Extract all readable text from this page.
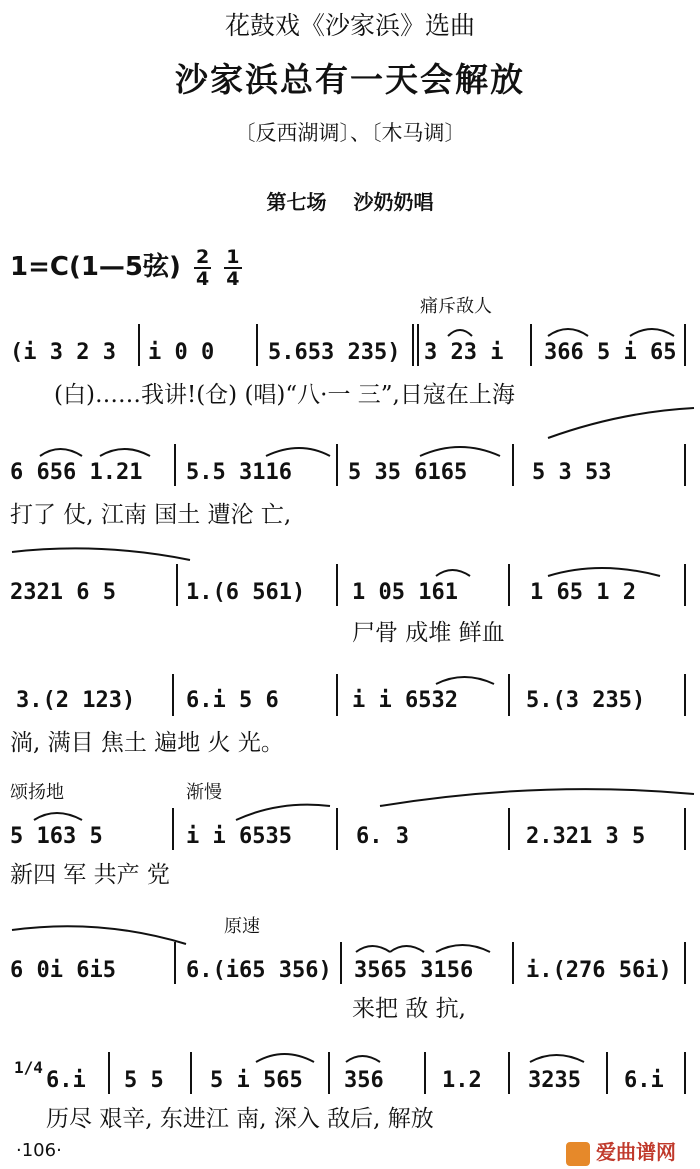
花鼓戏《沙家浜》选曲
沙家浜总有一天会解放
〔反西湖调〕、〔木马调〕
第七场 沙奶奶唱
1=C(1—5弦) $\frac{2}{4}$
$\frac{1}{4}$
痛斥敌人
(i 3 2 3 i 0 0 5.653 235) 3 23 i 366 5 i 65
(白)……我讲!(仓) (唱)“八·一 三”,日寇在上海
6 656 1.21 5.5 3116	5 35 6165	5 3 53
打了 仗, 江南 国土 遭沦 亡,
2321 6 5	1.(6 561) 1 05 161	1 65 1 2
尸骨 成堆 鲜血
3.(2 123) 6.i 5 6	i i 6532	5.(3 235)
淌, 满目 焦土 遍地 火 光。
颂扬地	渐慢
5 163 5	i i 6535	6. 3	2.321 3 5
新四 军 共产 党
原速
6 0i 6i5	6.(i65 356) 3565 3156 i.(276 56i)
来把 敌 抗,
1/4
6.i 5 5 5 i 565 356	1.2 3235 6.i
历尽 艰辛, 东进江 南, 深入 敌后, 解放
·106·	爱曲谱网
